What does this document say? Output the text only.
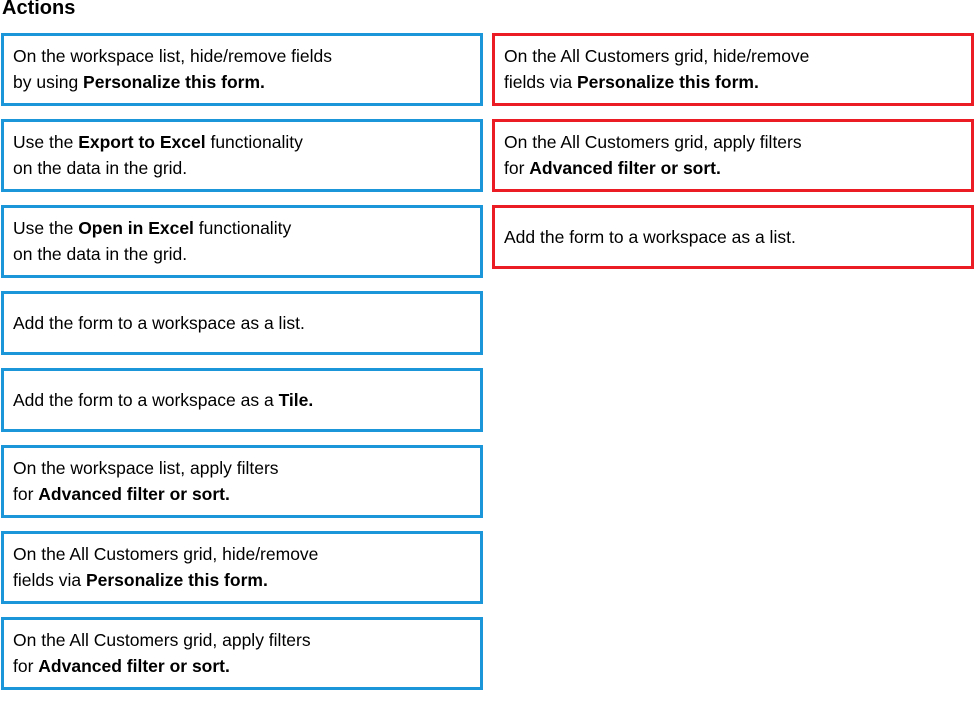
Actions
On the workspace list, hide/remove fields
by using Personalize this form.
Use the Export to Excel functionality
on the data in the grid.
Use the Open in Excel functionality
on the data in the grid.
Add the form to a workspace as a list.
Add the form to a workspace as a Tile.
On the workspace list, apply filters
for Advanced filter or sort.
On the All Customers grid, hide/remove
fields via Personalize this form.
On the All Customers grid, apply filters
for Advanced filter or sort.
On the All Customers grid, hide/remove
fields via Personalize this form.
On the All Customers grid, apply filters
for Advanced filter or sort.
Add the form to a workspace as a list.
